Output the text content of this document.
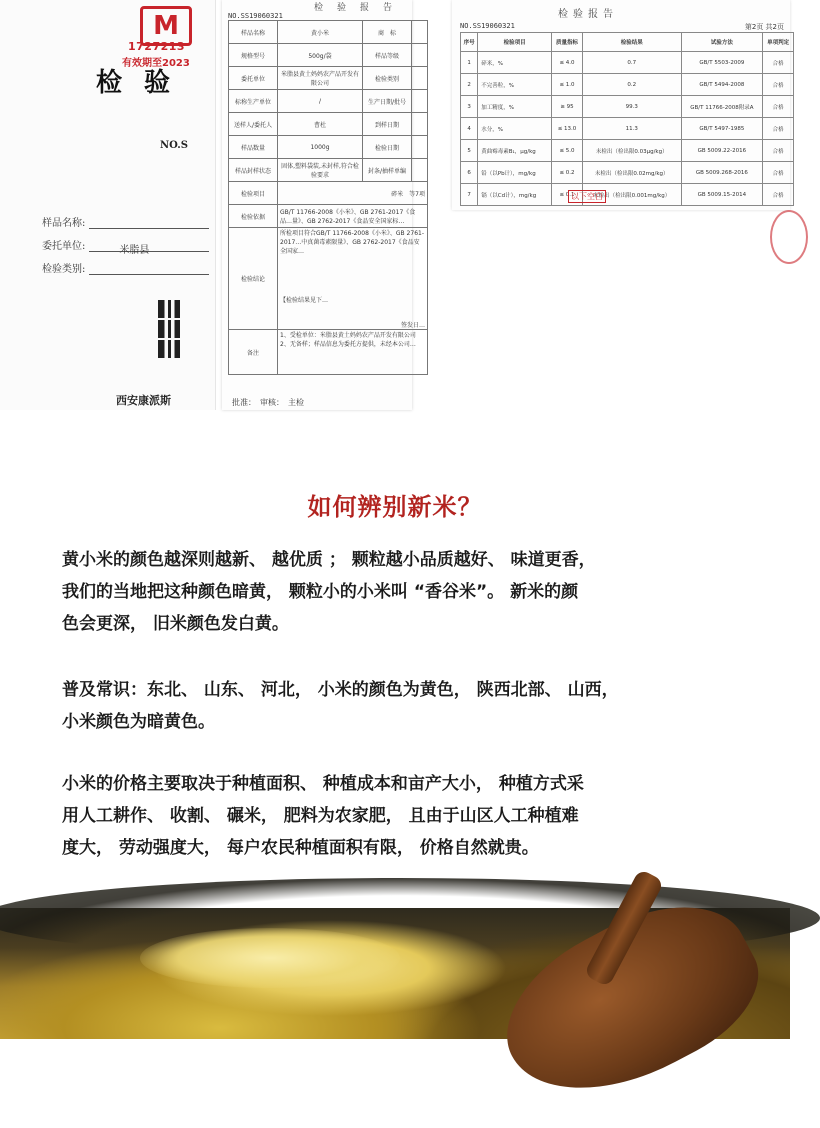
M
1727213
有效期至2023
检验
NO.S
样品名称:
委托单位:	米脂县
检验类别:
西安康派斯
NO.SS19060321
检验报告
样品名称	黄小米	商　标	
规格型号	500g/袋	样品等级	
委托单位	米脂县黄土妈妈农产品开发有限公司	检验类别	
标称生产单位	/	生产日期/批号	
送样人/委托人	曹杜	到样日期	
样品数量	1000g	检验日期	
样品封样状态	固体,塑料袋装,未封样,符合检验要求	封条/抽样单编	
检验项目	碎米　等7项		
检验依据	GB/T 11766-2008《小米》、GB 2761-2017《食品…量》、GB 2762-2017《食品安全国家标…		
检验结论	所检项目符合GB/T 11766-2008《小米》、GB 2761-2017…中真菌毒素限量》、GB 2762-2017《食品安全国家…
【检验结果见下…
签发日…		

备注	1、受检单位：米脂县黄土妈妈农产品开发有限公司 2、无备样；样品信息为委托方提供，未经本公司…		
批准：　审核：　主检
检验报告
NO.SS19060321	第2页 共2页
序号	检验项目	质量指标	检验结果	试验方法	单项判定
1	碎米，%	≤ 4.0	0.7	GB/T 5503-2009	合格
2	不完善粒，%	≤ 1.0	0.2	GB/T 5494-2008	合格
3	加工精度，%	≥ 95	99.3	GB/T 11766-2008附录A	合格
4	水分，%	≤ 13.0	11.3	GB/T 5497-1985	合格
5	黄曲霉毒素B₁，μg/kg	≤ 5.0	未检出（检出限0.03μg/kg）	GB 5009.22-2016	合格
6	铅（以Pb计），mg/kg	≤ 0.2	未检出（检出限0.02mg/kg）	GB 5009.268-2016	合格
7	镉（以Cd计），mg/kg	≤ 0.1	未检出（检出限0.001mg/kg）	GB 5009.15-2014	合格
以下空白
如何辨别新米？
黄小米的颜色越深则越新、 越优质 ； 颗粒越小品质越好、 味道更香，
我们的当地把这种颜色暗黄， 颗粒小的小米叫 “香谷米”。 新米的颜
色会更深， 旧米颜色发白黄。
普及常识：东北、 山东、 河北， 小米的颜色为黄色， 陕西北部、 山西，
小米颜色为暗黄色。
小米的价格主要取决于种植面积、 种植成本和亩产大小， 种植方式采
用人工耕作、 收割、 碾米， 肥料为农家肥， 且由于山区人工种植难
度大， 劳动强度大， 每户农民种植面积有限， 价格自然就贵。
